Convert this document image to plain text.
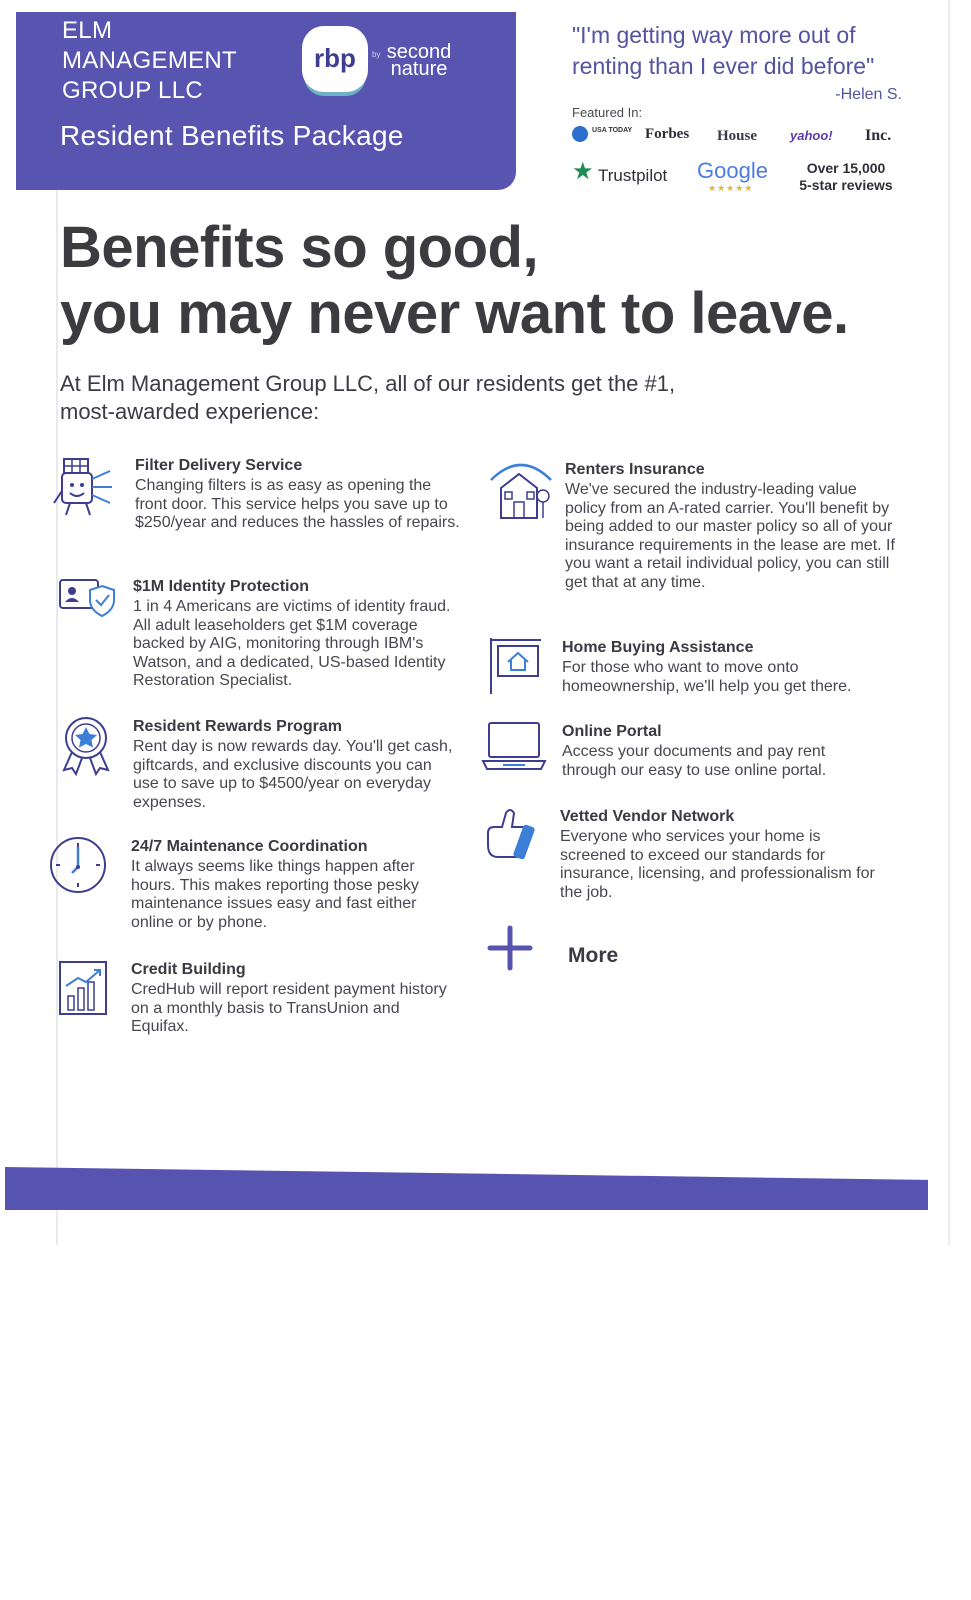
ELM
MANAGEMENT
GROUP LLC
rbp	by second
nature
Resident Benefits Package
"I'm getting way more out of
renting than I ever did before"
-Helen S.
Featured In:
USA TODAY Forbes House	yahoo! Inc.
★ Trustpilot Google
★★★★★
Over 15,000
5-star reviews
Benefits so good,
you may never want to leave.
At Elm Management Group LLC, all of our residents get the #1,
most-awarded experience:
Filter Delivery Service
Changing filters is as easy as opening the front door. This service helps you save up to $250/year and reduces the hassles of repairs.
$1M Identity Protection
1 in 4 Americans are victims of identity fraud. All adult leaseholders get $1M coverage backed by AIG, monitoring through IBM's Watson, and a dedicated, US-based Identity Restoration Specialist.
Resident Rewards Program
Rent day is now rewards day. You'll get cash, giftcards, and exclusive discounts you can use to save up to $4500/year on everyday expenses.
24/7 Maintenance Coordination
It always seems like things happen after hours. This makes reporting those pesky maintenance issues easy and fast either online or by phone.
Credit Building
CredHub will report resident payment history on a monthly basis to TransUnion and Equifax.
Renters Insurance
We've secured the industry-leading value policy from an A-rated carrier. You'll benefit by being added to our master policy so all of your insurance requirements in the lease are met. If you want a retail individual policy, you can still get that at any time.
Home Buying Assistance
For those who want to move onto homeownership, we'll help you get there.
Online Portal
Access your documents and pay rent through our easy to use online portal.
Vetted Vendor Network
Everyone who services your home is screened to exceed our standards for insurance, licensing, and professionalism for the job.
More
